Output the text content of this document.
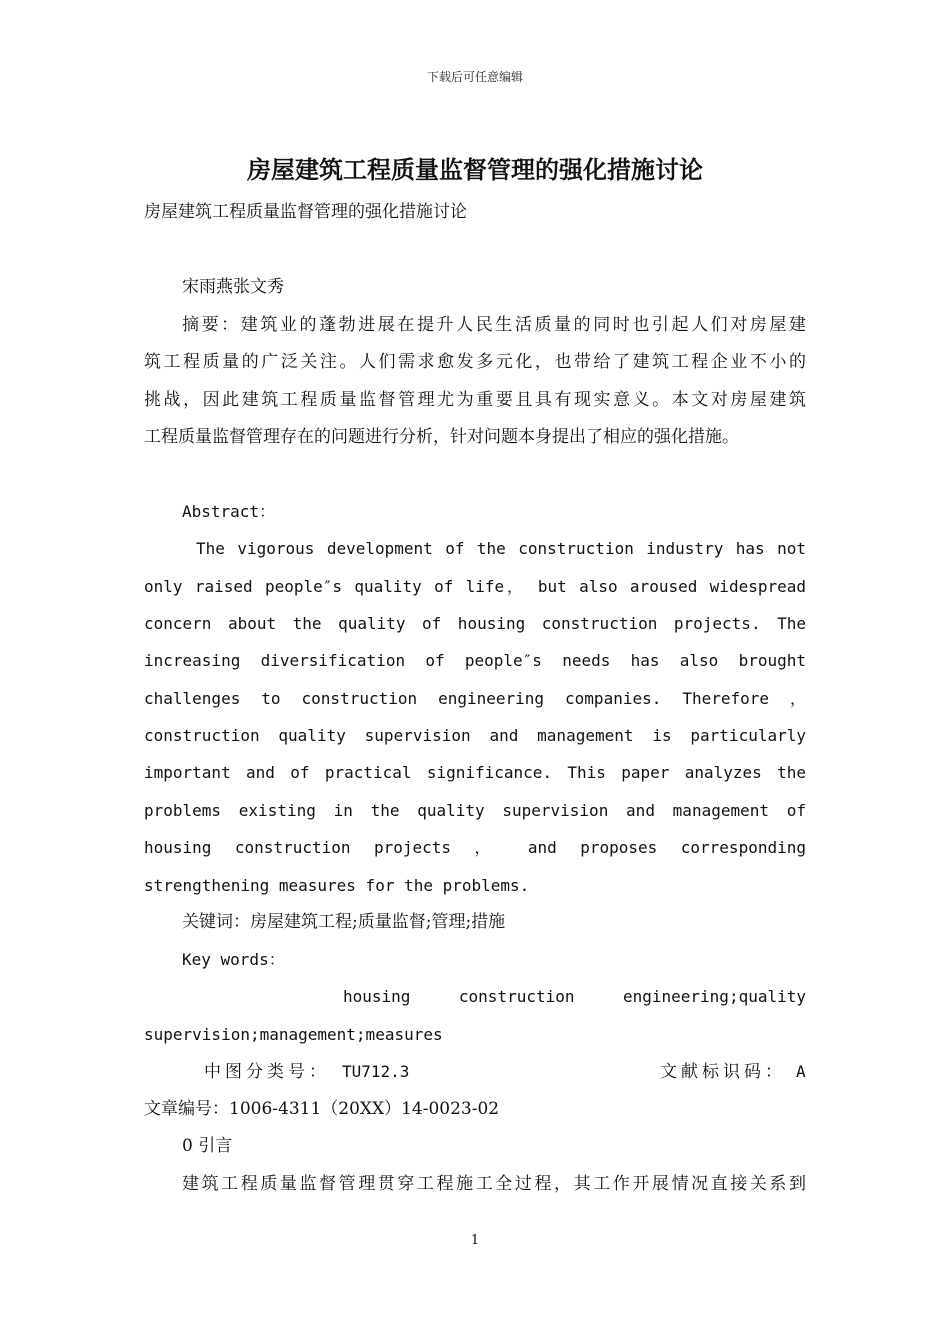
下载后可任意编辑
房屋建筑工程质量监督管理的强化措施讨论
房屋建筑工程质量监督管理的强化措施讨论
宋雨燕张文秀
摘要：建筑业的蓬勃进展在提升人民生活质量的同时也引起人们对房屋建
筑工程质量的广泛关注。人们需求愈发多元化，也带给了建筑工程企业不小的
挑战，因此建筑工程质量监督管理尤为重要且具有现实意义。本文对房屋建筑
工程质量监督管理存在的问题进行分析，针对问题本身提出了相应的强化措施。
Abstract：
The vigorous development of the construction industry has not
only raised people″s quality of life， but also aroused widespread
concern about the quality of housing construction projects. The
increasing diversification of people″s needs has also brought
challenges to construction engineering companies. Therefore ，
construction quality supervision and management is particularly
important and of practical significance. This paper analyzes the
problems existing in the quality supervision and management of
housing construction projects ， and proposes corresponding
strengthening measures for the problems.
关键词：房屋建筑工程;质量监督;管理;措施
Key words：
housing construction engineering;quality
supervision;management;measures
中图分类号： TU712.3	文献标识码： A
文章编号：1006-4311（20XX）14-0023-02
0 引言
建筑工程质量监督管理贯穿工程施工全过程，其工作开展情况直接关系到
1
